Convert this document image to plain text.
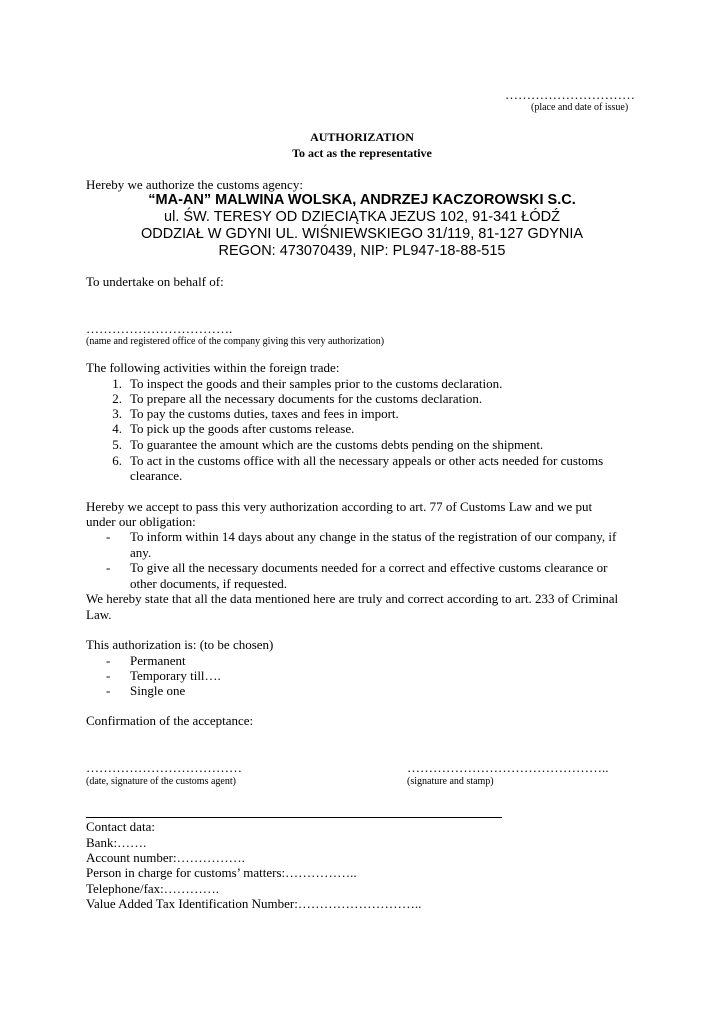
…………………………
(place and date of issue)
AUTHORIZATION
To act as the representative
Hereby we authorize the customs agency:
“MA-AN” MALWINA WOLSKA, ANDRZEJ KACZOROWSKI S.C.
ul. ŚW. TERESY OD DZIECIĄTKA JEZUS 102, 91-341 ŁÓDŹ
ODDZIAŁ W GDYNI UL. WIŚNIEWSKIEGO 31/119, 81-127 GDYNIA
REGON: 473070439, NIP: PL947-18-88-515
To undertake on behalf of:
…………………………….
(name and registered office of the company giving this very authorization)
The following activities within the foreign trade:
1. To inspect the goods and their samples prior to the customs declaration.
2. To prepare all the necessary documents for the customs declaration.
3. To pay the customs duties, taxes and fees in import.
4. To pick up the goods after customs release.
5. To guarantee the amount which are the customs debts pending on the shipment.
6. To act in the customs office with all the necessary appeals or other acts needed for customs
clearance.
Hereby we accept to pass this very authorization according to art. 77 of Customs Law and we put
under our obligation:
- To inform within 14 days about any change in the status of the registration of our company, if
any.
- To give all the necessary documents needed for a correct and effective customs clearance or
other documents, if requested.
We hereby state that all the data mentioned here are truly and correct according to art. 233 of Criminal
Law.
This authorization is: (to be chosen)
- Permanent
- Temporary till….
- Single one
Confirmation of the acceptance:
………………………………
(date, signature of the customs agent)
………………………………………..
(signature and stamp)
Contact data:
Bank:…….
Account number:…………….
Person in charge for customs’ matters:……………..
Telephone/fax:………….
Value Added Tax Identification Number:………………………..
